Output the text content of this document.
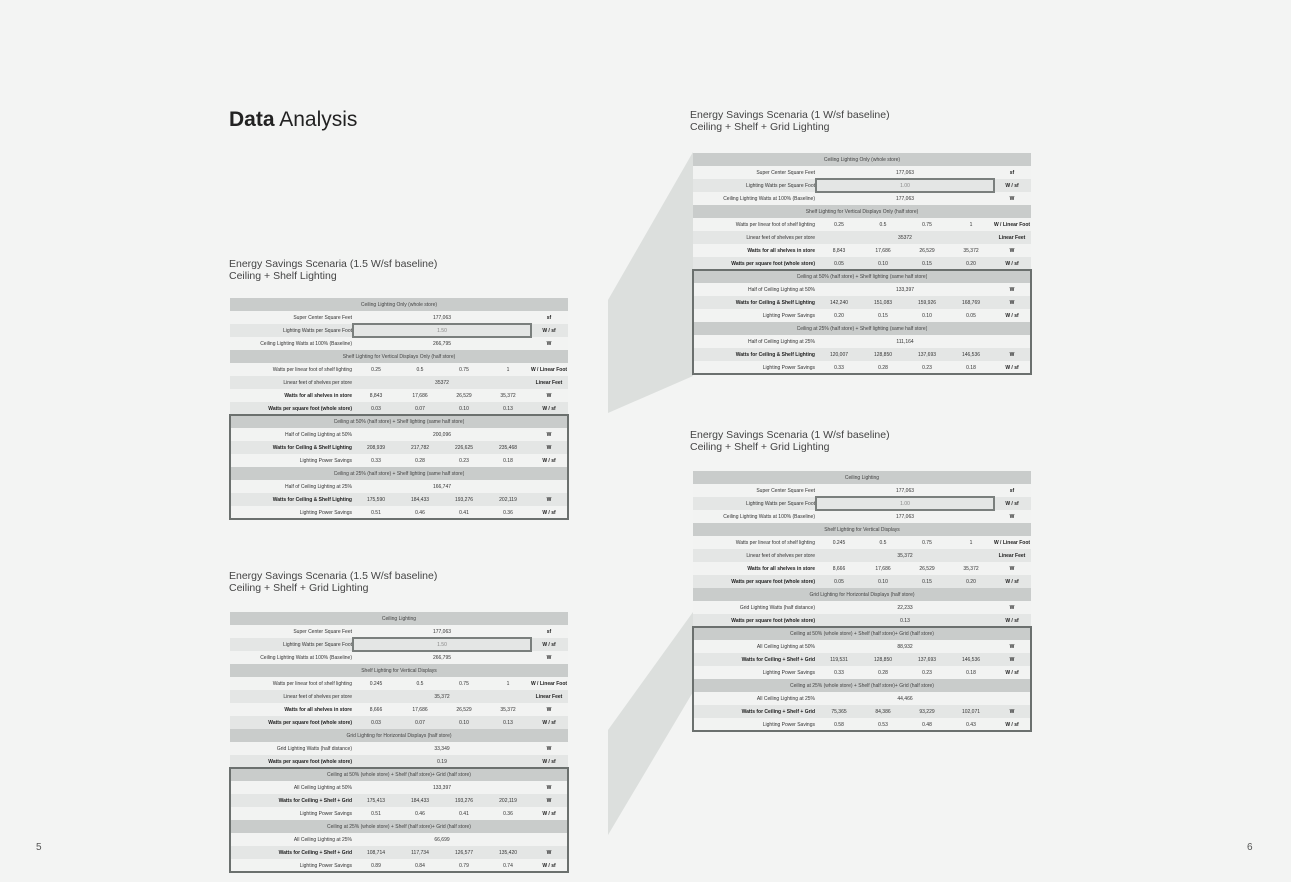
Data Analysis
Energy Savings Scenaria (1.5 W/sf baseline)
Ceiling + Shelf Lighting
Ceiling Lighting Only (whole store)
Super Center Square Feet	177,063	sf
Lighting Watts per Square Foot	1.50	W / sf
Ceiling Lighting Watts at 100% (Baseline)	266,795	W
Shelf Lighting for Vertical Displays Only (half store)
Watts per linear foot of shelf lighting	0.25	0.5	0.75	1	W / Linear Foot
Linear feet of shelves per store	35372	Linear Feet
Watts for all shelves in store	8,843	17,686	26,529	35,372	W
Watts per square foot (whole store)	0.03	0.07	0.10	0.13	W / sf
Ceiling at 50% (half store) + Shelf lighting (same half store)
Half of Ceiling Lighting at 50%	200,096	W
Watts for Ceiling & Shelf Lighting	208,939	217,782	226,625	235,468	W
Lighting Power Savings	0.33	0.28	0.23	0.18	W / sf
Ceiling at 25% (half store) + Shelf lighting (same half store)
Half of Ceiling Lighting at 25%	166,747
Watts for Ceiling & Shelf Lighting	175,590	184,433	193,276	202,119	W
Lighting Power Savings	0.51	0.46	0.41	0.36	W / sf
Energy Savings Scenaria (1.5 W/sf baseline)
Ceiling + Shelf + Grid Lighting
Ceiling Lighting
Super Center Square Feet	177,063	sf
Lighting Watts per Square Foot	1.50	W / sf
Ceiling Lighting Watts at 100% (Baseline)	266,795	W
Shelf Lighting for Vertical Displays
Watts per linear foot of shelf lighting	0.245	0.5	0.75	1	W / Linear Foot
Linear feet of shelves per store	35,372	Linear Feet
Watts for all shelves in store	8,666	17,686	26,529	35,372	W
Watts per square foot (whole store)	0.03	0.07	0.10	0.13	W / sf
Grid Lighting for Horizontal Displays (half store)
Grid Lighting Watts (half distance)	33,349	W
Watts per square foot (whole store)	0.19	W / sf
Ceiling at 50% (whole store) + Shelf (half store)+ Grid (half store)
All Ceiling Lighting at 50%	133,397	W
Watts for Ceiling + Shelf + Grid	175,413	184,433	193,276	202,119	W
Lighting Power Savings	0.51	0.46	0.41	0.36	W / sf
Ceiling at 25% (whole store) + Shelf (half store)+ Grid (half store)
All Ceiling Lighting at 25%	66,699
Watts for Ceiling + Shelf + Grid	108,714	117,734	126,577	135,420	W
Lighting Power Savings	0.89	0.84	0.79	0.74	W / sf
Energy Savings Scenaria (1 W/sf baseline)
Ceiling + Shelf + Grid Lighting
Ceiling Lighting Only (whole store)
Super Center Square Feet	177,063	sf
Lighting Watts per Square Foot	1.00	W / sf
Ceiling Lighting Watts at 100% (Baseline)	177,063	W
Shelf Lighting for Vertical Displays Only (half store)
Watts per linear foot of shelf lighting	0.25	0.5	0.75	1	W / Linear Foot
Linear feet of shelves per store	35372	Linear Feet
Watts for all shelves in store	8,843	17,686	26,529	35,372	W
Watts per square foot (whole store)	0.05	0.10	0.15	0.20	W / sf
Ceiling at 50% (half store) + Shelf lighting (same half store)
Half of Ceiling Lighting at 50%	133,397	W
Watts for Ceiling & Shelf Lighting	142,240	151,083	159,926	168,769	W
Lighting Power Savings	0.20	0.15	0.10	0.05	W / sf
Ceiling at 25% (half store) + Shelf lighting (same half store)
Half of Ceiling Lighting at 25%	111,164
Watts for Ceiling & Shelf Lighting	120,007	128,850	137,693	146,536	W
Lighting Power Savings	0.33	0.28	0.23	0.18	W / sf
Energy Savings Scenaria (1 W/sf baseline)
Ceiling + Shelf + Grid Lighting
Ceiling Lighting
Super Center Square Feet	177,063	sf
Lighting Watts per Square Foot	1.00	W / sf
Ceiling Lighting Watts at 100% (Baseline)	177,063	W
Shelf Lighting for Vertical Displays
Watts per linear foot of shelf lighting	0.245	0.5	0.75	1	W / Linear Foot
Linear feet of shelves per store	35,372	Linear Feet
Watts for all shelves in store	8,666	17,686	26,529	35,372	W
Watts per square foot (whole store)	0.05	0.10	0.15	0.20	W / sf
Grid Lighting for Horizontal Displays (half store)
Grid Lighting Watts (half distance)	22,233	W
Watts per square foot (whole store)	0.13	W / sf
Ceiling at 50% (whole store) + Shelf (half store)+ Grid (half store)
All Ceiling Lighting at 50%	88,932	W
Watts for Ceiling + Shelf + Grid	119,531	128,850	137,693	146,536	W
Lighting Power Savings	0.33	0.28	0.23	0.18	W / sf
Ceiling at 25% (whole store) + Shelf (half store)+ Grid (half store)
All Ceiling Lighting at 25%	44,466
Watts for Ceiling + Shelf + Grid	75,365	84,386	93,229	102,071	W
Lighting Power Savings	0.58	0.53	0.48	0.43	W / sf
5	6
